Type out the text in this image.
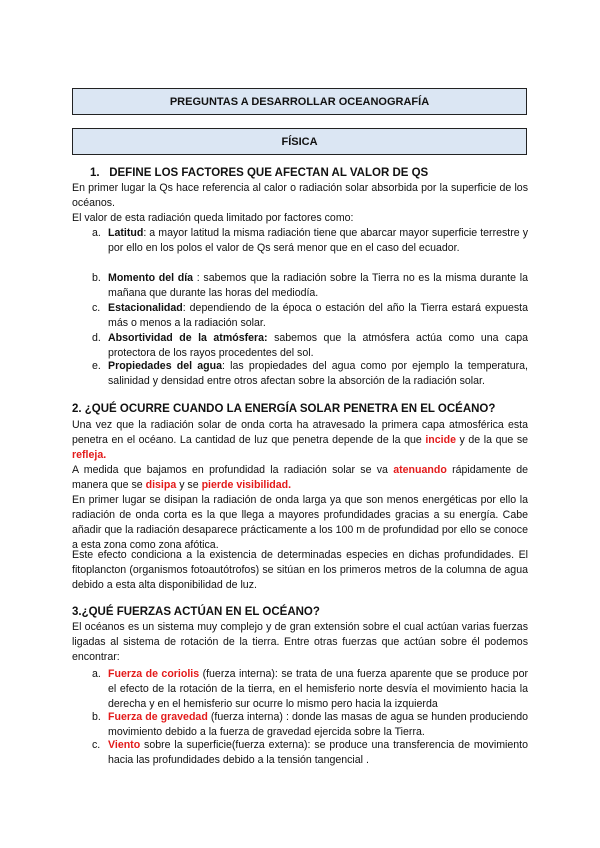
PREGUNTAS A DESARROLLAR OCEANOGRAFÍA
FÍSICA
1. DEFINE LOS FACTORES QUE AFECTAN AL VALOR DE QS
En primer lugar la Qs hace referencia al calor o radiación solar absorbida por la superficie de los océanos.
El valor de esta radiación queda limitado por factores como:
a. Latitud: a mayor latitud la misma radiación tiene que abarcar mayor superficie terrestre y por ello en los polos el valor de Qs será menor que en el caso del ecuador.
b. Momento del día : sabemos que la radiación sobre la Tierra no es la misma durante la mañana que durante las horas del mediodía.
c. Estacionalidad: dependiendo de la época o estación del año la Tierra estará expuesta más o menos a la radiación solar.
d. Absortividad de la atmósfera: sabemos que la atmósfera actúa como una capa protectora de los rayos procedentes del sol.
e. Propiedades del agua: las propiedades del agua como por ejemplo la temperatura, salinidad y densidad entre otros afectan sobre la absorción de la radiación solar.
2. ¿QUÉ OCURRE CUANDO LA ENERGÍA SOLAR PENETRA EN EL OCÉANO?
Una vez que la radiación solar de onda corta ha atravesado la primera capa atmosférica esta penetra en el océano. La cantidad de luz que penetra depende de la que incide y de la que se refleja.
A medida que bajamos en profundidad la radiación solar se va atenuando rápidamente de manera que se disipa y se pierde visibilidad.
En primer lugar se disipan la radiación de onda larga ya que son menos energéticas por ello la radiación de onda corta es la que llega a mayores profundidades gracias a su energía. Cabe añadir que la radiación desaparece prácticamente a los 100 m de profundidad por ello se conoce a esta zona como zona afótica.
Este efecto condiciona a la existencia de determinadas especies en dichas profundidades. El fitoplancton (organismos fotoautótrofos) se sitúan en los primeros metros de la columna de agua debido a esta alta disponibilidad de luz.
3.¿QUÉ FUERZAS ACTÚAN EN EL OCÉANO?
El océanos es un sistema muy complejo y de gran extensión sobre el cual actúan varias fuerzas ligadas al sistema de rotación de la tierra. Entre otras fuerzas que actúan sobre él podemos encontrar:
a. Fuerza de coriolis (fuerza interna): se trata de una fuerza aparente que se produce por el efecto de la rotación de la tierra, en el hemisferio norte desvía el movimiento hacia la derecha y en el hemisferio sur ocurre lo mismo pero hacia la izquierda
b. Fuerza de gravedad (fuerza interna) : donde las masas de agua se hunden produciendo movimiento debido a la fuerza de gravedad ejercida sobre la Tierra.
c. Viento sobre la superficie(fuerza externa): se produce una transferencia de movimiento hacia las profundidades debido a la tensión tangencial .
